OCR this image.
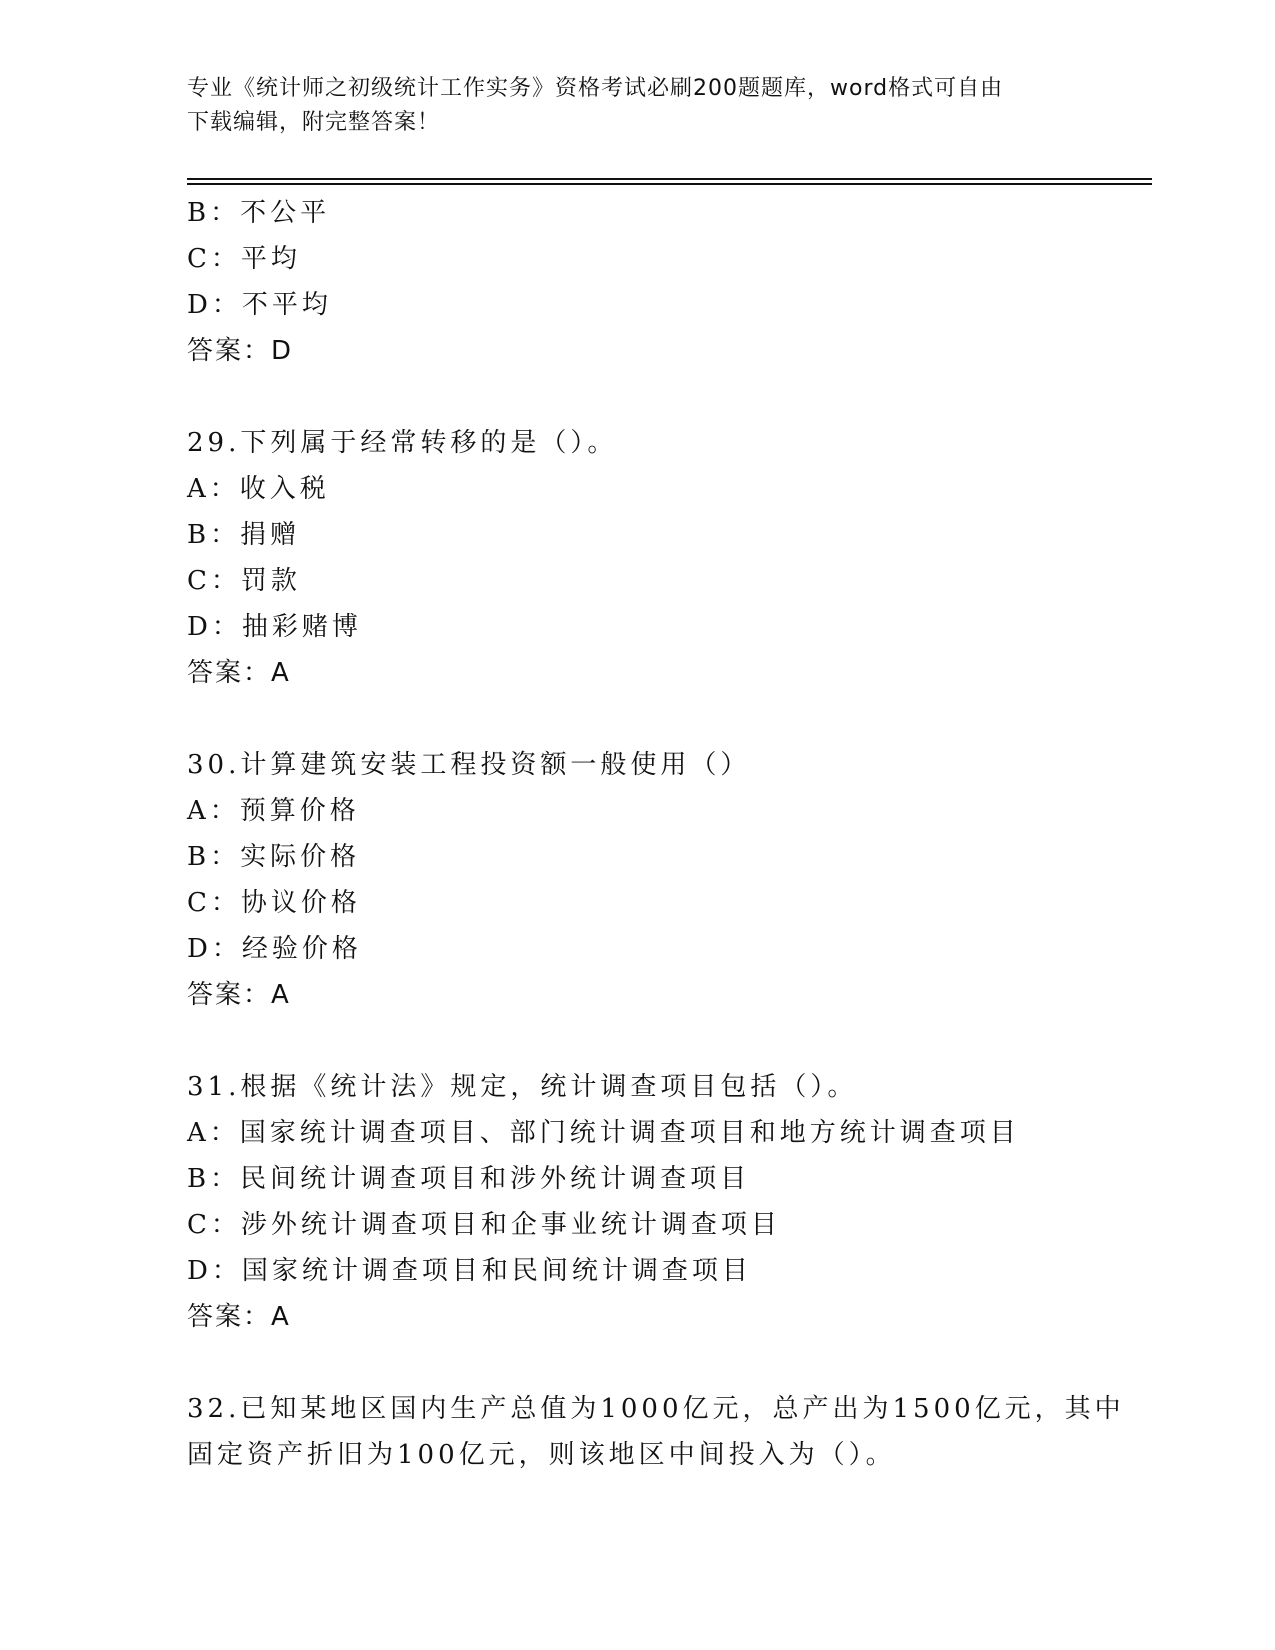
专业《统计师之初级统计工作实务》资格考试必刷200题题库，word格式可自由
下载编辑，附完整答案！
B：不公平
C：平均
D：不平均
答案：D
29.下列属于经常转移的是（）。
A：收入税
B：捐赠
C：罚款
D：抽彩赌博
答案：A
30.计算建筑安装工程投资额一般使用（）
A：预算价格
B：实际价格
C：协议价格
D：经验价格
答案：A
31.根据《统计法》规定，统计调查项目包括（）。
A：国家统计调查项目、部门统计调查项目和地方统计调查项目
B：民间统计调查项目和涉外统计调查项目
C：涉外统计调查项目和企事业统计调查项目
D：国家统计调查项目和民间统计调查项目
答案：A
32.已知某地区国内生产总值为1000亿元，总产出为1500亿元，其中
固定资产折旧为100亿元，则该地区中间投入为（）。
